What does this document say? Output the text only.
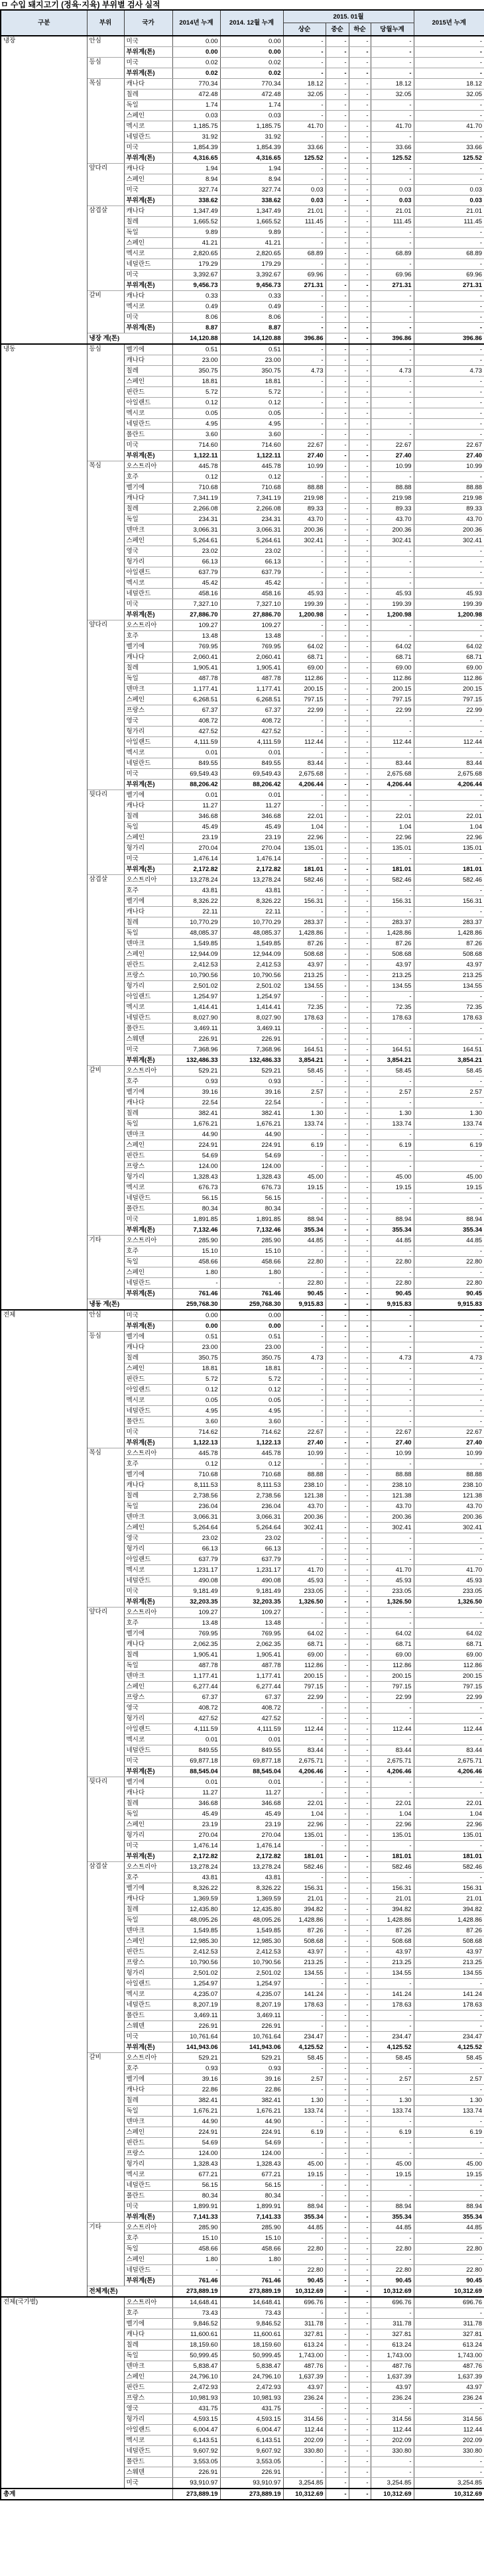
ㅁ 수입 돼지고기 (정육·지육) 부위별 검사 실적
구분	부위	국가	2014년 누계	2014. 12월 누계	2015. 01월				2015년 누계
					상순	중순	하순	당월누계	
냉장	안심	미국	0.00	0.00	-	-	-	-	-
		부위계(톤)	0.00	0.00	-	-	-	-	-
	등심	미국	0.02	0.02	-	-	-	-	-
		부위계(톤)	0.02	0.02	-	-	-	-	-
	목심	캐나다	770.34	770.34	18.12	-	-	18.12	18.12
		칠레	472.48	472.48	32.05	-	-	32.05	32.05
		독일	1.74	1.74	-	-	-	-	-
		스페인	0.03	0.03	-	-	-	-	-
		멕시코	1,185.75	1,185.75	41.70	-	-	41.70	41.70
		네덜란드	31.92	31.92	-	-	-	-	-
		미국	1,854.39	1,854.39	33.66	-	-	33.66	33.66
		부위계(톤)	4,316.65	4,316.65	125.52	-	-	125.52	125.52
	앞다리	캐나다	1.94	1.94	-	-	-	-	-
		스페인	8.94	8.94	-	-	-	-	-
		미국	327.74	327.74	0.03	-	-	0.03	0.03
		부위계(톤)	338.62	338.62	0.03	-	-	0.03	0.03
	삼겹살	캐나다	1,347.49	1,347.49	21.01	-	-	21.01	21.01
		칠레	1,665.52	1,665.52	111.45	-	-	111.45	111.45
		독일	9.89	9.89	-	-	-	-	-
		스페인	41.21	41.21	-	-	-	-	-
		멕시코	2,820.65	2,820.65	68.89	-	-	68.89	68.89
		네덜란드	179.29	179.29	-	-	-	-	-
		미국	3,392.67	3,392.67	69.96	-	-	69.96	69.96
		부위계(톤)	9,456.73	9,456.73	271.31	-	-	271.31	271.31
	갈비	캐나다	0.33	0.33	-	-	-	-	-
		멕시코	0.49	0.49	-	-	-	-	-
		미국	8.06	8.06	-	-	-	-	-
		부위계(톤)	8.87	8.87	-	-	-	-	-
	냉장 계(톤)		14,120.88	14,120.88	396.86	-	-	396.86	396.86
냉동	등심	벨기에	0.51	0.51	-	-	-	-	-
		캐나다	23.00	23.00	-	-	-	-	-
		칠레	350.75	350.75	4.73	-	-	4.73	4.73
		스페인	18.81	18.81	-	-	-	-	-
		핀란드	5.72	5.72	-	-	-	-	-
		아일랜드	0.12	0.12	-	-	-	-	-
		멕시코	0.05	0.05	-	-	-	-	-
		네덜란드	4.95	4.95	-	-	-	-	-
		폴란드	3.60	3.60	-	-	-	-	-
		미국	714.60	714.60	22.67	-	-	22.67	22.67
		부위계(톤)	1,122.11	1,122.11	27.40	-	-	27.40	27.40
	목심	오스트리아	445.78	445.78	10.99	-	-	10.99	10.99
		호주	0.12	0.12	-	-	-	-	-
		벨기에	710.68	710.68	88.88	-	-	88.88	88.88
		캐나다	7,341.19	7,341.19	219.98	-	-	219.98	219.98
		칠레	2,266.08	2,266.08	89.33	-	-	89.33	89.33
		독일	234.31	234.31	43.70	-	-	43.70	43.70
		덴마크	3,066.31	3,066.31	200.36	-	-	200.36	200.36
		스페인	5,264.61	5,264.61	302.41	-	-	302.41	302.41
		영국	23.02	23.02	-	-	-	-	-
		헝가리	66.13	66.13	-	-	-	-	-
		아일랜드	637.79	637.79	-	-	-	-	-
		멕시코	45.42	45.42	-	-	-	-	-
		네덜란드	458.16	458.16	45.93	-	-	45.93	45.93
		미국	7,327.10	7,327.10	199.39	-	-	199.39	199.39
		부위계(톤)	27,886.70	27,886.70	1,200.98	-	-	1,200.98	1,200.98
	앞다리	오스트리아	109.27	109.27	-	-	-	-	-
		호주	13.48	13.48	-	-	-	-	-
		벨기에	769.95	769.95	64.02	-	-	64.02	64.02
		캐나다	2,060.41	2,060.41	68.71	-	-	68.71	68.71
		칠레	1,905.41	1,905.41	69.00	-	-	69.00	69.00
		독일	487.78	487.78	112.86	-	-	112.86	112.86
		덴마크	1,177.41	1,177.41	200.15	-	-	200.15	200.15
		스페인	6,268.51	6,268.51	797.15	-	-	797.15	797.15
		프랑스	67.37	67.37	22.99	-	-	22.99	22.99
		영국	408.72	408.72	-	-	-	-	-
		헝가리	427.52	427.52	-	-	-	-	-
		아일랜드	4,111.59	4,111.59	112.44	-	-	112.44	112.44
		멕시코	0.01	0.01	-	-	-	-	-
		네덜란드	849.55	849.55	83.44	-	-	83.44	83.44
		미국	69,549.43	69,549.43	2,675.68	-	-	2,675.68	2,675.68
		부위계(톤)	88,206.42	88,206.42	4,206.44	-	-	4,206.44	4,206.44
	뒷다리	벨기에	0.01	0.01	-	-	-	-	-
		캐나다	11.27	11.27	-	-	-	-	-
		칠레	346.68	346.68	22.01	-	-	22.01	22.01
		독일	45.49	45.49	1.04	-	-	1.04	1.04
		스페인	23.19	23.19	22.96	-	-	22.96	22.96
		헝가리	270.04	270.04	135.01	-	-	135.01	135.01
		미국	1,476.14	1,476.14	-	-	-	-	-
		부위계(톤)	2,172.82	2,172.82	181.01	-	-	181.01	181.01
	삼겹살	오스트리아	13,278.24	13,278.24	582.46	-	-	582.46	582.46
		호주	43.81	43.81	-	-	-	-	-
		벨기에	8,326.22	8,326.22	156.31	-	-	156.31	156.31
		캐나다	22.11	22.11	-	-	-	-	-
		칠레	10,770.29	10,770.29	283.37	-	-	283.37	283.37
		독일	48,085.37	48,085.37	1,428.86	-	-	1,428.86	1,428.86
		덴마크	1,549.85	1,549.85	87.26	-	-	87.26	87.26
		스페인	12,944.09	12,944.09	508.68	-	-	508.68	508.68
		핀란드	2,412.53	2,412.53	43.97	-	-	43.97	43.97
		프랑스	10,790.56	10,790.56	213.25	-	-	213.25	213.25
		헝가리	2,501.02	2,501.02	134.55	-	-	134.55	134.55
		아일랜드	1,254.97	1,254.97	-	-	-	-	-
		멕시코	1,414.41	1,414.41	72.35	-	-	72.35	72.35
		네덜란드	8,027.90	8,027.90	178.63	-	-	178.63	178.63
		폴란드	3,469.11	3,469.11	-	-	-	-	-
		스웨덴	226.91	226.91	-	-	-	-	-
		미국	7,368.96	7,368.96	164.51	-	-	164.51	164.51
		부위계(톤)	132,486.33	132,486.33	3,854.21	-	-	3,854.21	3,854.21
	갈비	오스트리아	529.21	529.21	58.45	-	-	58.45	58.45
		호주	0.93	0.93	-	-	-	-	-
		벨기에	39.16	39.16	2.57	-	-	2.57	2.57
		캐나다	22.54	22.54	-	-	-	-	-
		칠레	382.41	382.41	1.30	-	-	1.30	1.30
		독일	1,676.21	1,676.21	133.74	-	-	133.74	133.74
		덴마크	44.90	44.90	-	-	-	-	-
		스페인	224.91	224.91	6.19	-	-	6.19	6.19
		핀란드	54.69	54.69	-	-	-	-	-
		프랑스	124.00	124.00	-	-	-	-	-
		헝가리	1,328.43	1,328.43	45.00	-	-	45.00	45.00
		멕시코	676.73	676.73	19.15	-	-	19.15	19.15
		네덜란드	56.15	56.15	-	-	-	-	-
		폴란드	80.34	80.34	-	-	-	-	-
		미국	1,891.85	1,891.85	88.94	-	-	88.94	88.94
		부위계(톤)	7,132.46	7,132.46	355.34	-	-	355.34	355.34
	기타	오스트리아	285.90	285.90	44.85	-	-	44.85	44.85
		호주	15.10	15.10	-	-	-	-	-
		독일	458.66	458.66	22.80	-	-	22.80	22.80
		스페인	1.80	1.80	-	-	-	-	-
		네덜란드	-	-	22.80	-	-	22.80	22.80
		부위계(톤)	761.46	761.46	90.45	-	-	90.45	90.45
	냉동 계(톤)		259,768.30	259,768.30	9,915.83	-	-	9,915.83	9,915.83
전체	안심	미국	0.00	0.00	-	-	-	-	-
		부위계(톤)	0.00	0.00	-	-	-	-	-
	등심	벨기에	0.51	0.51	-	-	-	-	-
		캐나다	23.00	23.00	-	-	-	-	-
		칠레	350.75	350.75	4.73	-	-	4.73	4.73
		스페인	18.81	18.81	-	-	-	-	-
		핀란드	5.72	5.72	-	-	-	-	-
		아일랜드	0.12	0.12	-	-	-	-	-
		멕시코	0.05	0.05	-	-	-	-	-
		네덜란드	4.95	4.95	-	-	-	-	-
		폴란드	3.60	3.60	-	-	-	-	-
		미국	714.62	714.62	22.67	-	-	22.67	22.67
		부위계(톤)	1,122.13	1,122.13	27.40	-	-	27.40	27.40
	목심	오스트리아	445.78	445.78	10.99	-	-	10.99	10.99
		호주	0.12	0.12	-	-	-	-	-
		벨기에	710.68	710.68	88.88	-	-	88.88	88.88
		캐나다	8,111.53	8,111.53	238.10	-	-	238.10	238.10
		칠레	2,738.56	2,738.56	121.38	-	-	121.38	121.38
		독일	236.04	236.04	43.70	-	-	43.70	43.70
		덴마크	3,066.31	3,066.31	200.36	-	-	200.36	200.36
		스페인	5,264.64	5,264.64	302.41	-	-	302.41	302.41
		영국	23.02	23.02	-	-	-	-	-
		헝가리	66.13	66.13	-	-	-	-	-
		아일랜드	637.79	637.79	-	-	-	-	-
		멕시코	1,231.17	1,231.17	41.70	-	-	41.70	41.70
		네덜란드	490.08	490.08	45.93	-	-	45.93	45.93
		미국	9,181.49	9,181.49	233.05	-	-	233.05	233.05
		부위계(톤)	32,203.35	32,203.35	1,326.50	-	-	1,326.50	1,326.50
	앞다리	오스트리아	109.27	109.27	-	-	-	-	-
		호주	13.48	13.48	-	-	-	-	-
		벨기에	769.95	769.95	64.02	-	-	64.02	64.02
		캐나다	2,062.35	2,062.35	68.71	-	-	68.71	68.71
		칠레	1,905.41	1,905.41	69.00	-	-	69.00	69.00
		독일	487.78	487.78	112.86	-	-	112.86	112.86
		덴마크	1,177.41	1,177.41	200.15	-	-	200.15	200.15
		스페인	6,277.44	6,277.44	797.15	-	-	797.15	797.15
		프랑스	67.37	67.37	22.99	-	-	22.99	22.99
		영국	408.72	408.72	-	-	-	-	-
		헝가리	427.52	427.52	-	-	-	-	-
		아일랜드	4,111.59	4,111.59	112.44	-	-	112.44	112.44
		멕시코	0.01	0.01	-	-	-	-	-
		네덜란드	849.55	849.55	83.44	-	-	83.44	83.44
		미국	69,877.18	69,877.18	2,675.71	-	-	2,675.71	2,675.71
		부위계(톤)	88,545.04	88,545.04	4,206.46	-	-	4,206.46	4,206.46
	뒷다리	벨기에	0.01	0.01	-	-	-	-	-
		캐나다	11.27	11.27	-	-	-	-	-
		칠레	346.68	346.68	22.01	-	-	22.01	22.01
		독일	45.49	45.49	1.04	-	-	1.04	1.04
		스페인	23.19	23.19	22.96	-	-	22.96	22.96
		헝가리	270.04	270.04	135.01	-	-	135.01	135.01
		미국	1,476.14	1,476.14	-	-	-	-	-
		부위계(톤)	2,172.82	2,172.82	181.01	-	-	181.01	181.01
	삼겹살	오스트리아	13,278.24	13,278.24	582.46	-	-	582.46	582.46
		호주	43.81	43.81	-	-	-	-	-
		벨기에	8,326.22	8,326.22	156.31	-	-	156.31	156.31
		캐나다	1,369.59	1,369.59	21.01	-	-	21.01	21.01
		칠레	12,435.80	12,435.80	394.82	-	-	394.82	394.82
		독일	48,095.26	48,095.26	1,428.86	-	-	1,428.86	1,428.86
		덴마크	1,549.85	1,549.85	87.26	-	-	87.26	87.26
		스페인	12,985.30	12,985.30	508.68	-	-	508.68	508.68
		핀란드	2,412.53	2,412.53	43.97	-	-	43.97	43.97
		프랑스	10,790.56	10,790.56	213.25	-	-	213.25	213.25
		헝가리	2,501.02	2,501.02	134.55	-	-	134.55	134.55
		아일랜드	1,254.97	1,254.97	-	-	-	-	-
		멕시코	4,235.07	4,235.07	141.24	-	-	141.24	141.24
		네덜란드	8,207.19	8,207.19	178.63	-	-	178.63	178.63
		폴란드	3,469.11	3,469.11	-	-	-	-	-
		스웨덴	226.91	226.91	-	-	-	-	-
		미국	10,761.64	10,761.64	234.47	-	-	234.47	234.47
		부위계(톤)	141,943.06	141,943.06	4,125.52	-	-	4,125.52	4,125.52
	갈비	오스트리아	529.21	529.21	58.45	-	-	58.45	58.45
		호주	0.93	0.93	-	-	-	-	-
		벨기에	39.16	39.16	2.57	-	-	2.57	2.57
		캐나다	22.86	22.86	-	-	-	-	-
		칠레	382.41	382.41	1.30	-	-	1.30	1.30
		독일	1,676.21	1,676.21	133.74	-	-	133.74	133.74
		덴마크	44.90	44.90	-	-	-	-	-
		스페인	224.91	224.91	6.19	-	-	6.19	6.19
		핀란드	54.69	54.69	-	-	-	-	-
		프랑스	124.00	124.00	-	-	-	-	-
		헝가리	1,328.43	1,328.43	45.00	-	-	45.00	45.00
		멕시코	677.21	677.21	19.15	-	-	19.15	19.15
		네덜란드	56.15	56.15	-	-	-	-	-
		폴란드	80.34	80.34	-	-	-	-	-
		미국	1,899.91	1,899.91	88.94	-	-	88.94	88.94
		부위계(톤)	7,141.33	7,141.33	355.34	-	-	355.34	355.34
	기타	오스트리아	285.90	285.90	44.85	-	-	44.85	44.85
		호주	15.10	15.10	-	-	-	-	-
		독일	458.66	458.66	22.80	-	-	22.80	22.80
		스페인	1.80	1.80	-	-	-	-	-
		네덜란드	-	-	22.80	-	-	22.80	22.80
		부위계(톤)	761.46	761.46	90.45	-	-	90.45	90.45
	전체계(톤)		273,889.19	273,889.19	10,312.69	-	-	10,312.69	10,312.69
전체(국가별)		오스트리아	14,648.41	14,648.41	696.76	-	-	696.76	696.76
		호주	73.43	73.43	-	-	-	-	-
		벨기에	9,846.52	9,846.52	311.78	-	-	311.78	311.78
		캐나다	11,600.61	11,600.61	327.81	-	-	327.81	327.81
		칠레	18,159.60	18,159.60	613.24	-	-	613.24	613.24
		독일	50,999.45	50,999.45	1,743.00	-	-	1,743.00	1,743.00
		덴마크	5,838.47	5,838.47	487.76	-	-	487.76	487.76
		스페인	24,796.10	24,796.10	1,637.39	-	-	1,637.39	1,637.39
		핀란드	2,472.93	2,472.93	43.97	-	-	43.97	43.97
		프랑스	10,981.93	10,981.93	236.24	-	-	236.24	236.24
		영국	431.75	431.75	-	-	-	-	-
		헝가리	4,593.15	4,593.15	314.56	-	-	314.56	314.56
		아일랜드	6,004.47	6,004.47	112.44	-	-	112.44	112.44
		멕시코	6,143.51	6,143.51	202.09	-	-	202.09	202.09
		네덜란드	9,607.92	9,607.92	330.80	-	-	330.80	330.80
		폴란드	3,553.05	3,553.05	-	-	-	-	-
		스웨덴	226.91	226.91	-	-	-	-	-
		미국	93,910.97	93,910.97	3,254.85	-	-	3,254.85	3,254.85
총계			273,889.19	273,889.19	10,312.69	-	-	10,312.69	10,312.69
